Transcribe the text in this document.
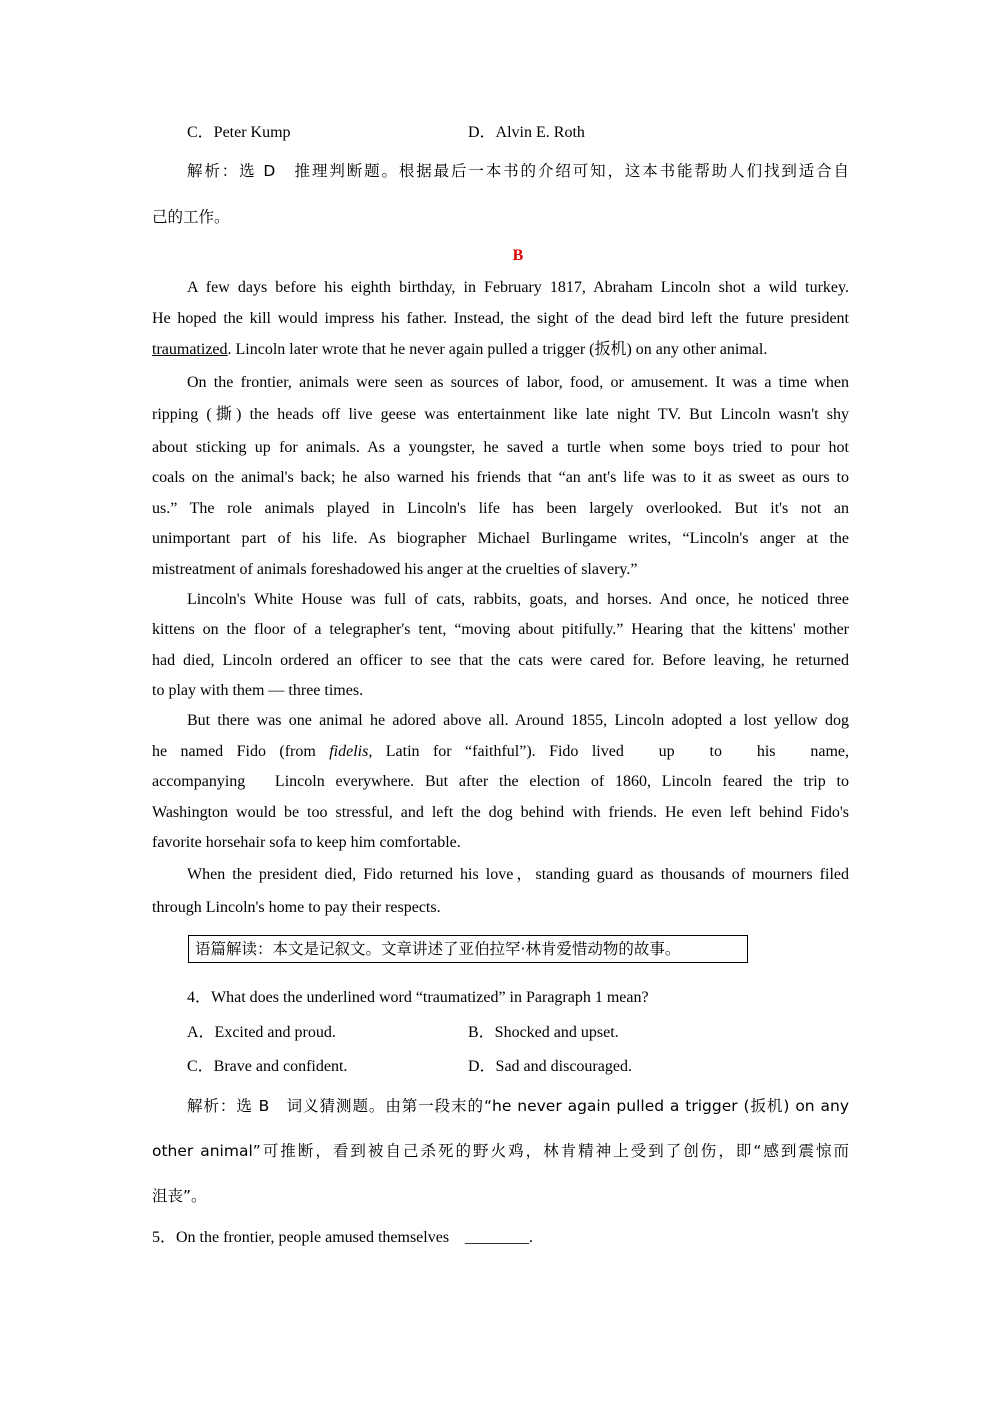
C．Peter Kump	D．Alvin E. Roth
解析：选 D　推理判断题。根据最后一本书的介绍可知，这本书能帮助人们找到适合自
己的工作。
B
A few days before his eighth birthday, in February 1817, Abraham Lincoln shot a wild turkey.
He hoped the kill would impress his father. Instead, the sight of the dead bird left the future president
traumatized. Lincoln later wrote that he never again pulled a trigger (扳机) on any other animal.
On the frontier, animals were seen as sources of labor, food, or amusement. It was a time when
ripping (撕) the heads off live geese was entertainment like late night TV. But Lincoln wasn't shy
about sticking up for animals. As a youngster, he saved a turtle when some boys tried to pour hot
coals on the animal's back; he also warned his friends that “an ant's life was to it as sweet as ours to
us.” The role animals played in Lincoln's life has been largely overlooked. But it's not an
unimportant part of his life. As biographer Michael Burlingame writes, “Lincoln's anger at the
mistreatment of animals foreshadowed his anger at the cruelties of slavery.”
Lincoln's White House was full of cats, rabbits, goats, and horses. And once, he noticed three
kittens on the floor of a telegrapher's tent, “moving about pitifully.” Hearing that the kittens' mother
had died, Lincoln ordered an officer to see that the cats were cared for. Before leaving, he returned
to play with them — three times.
But there was one animal he adored above all. Around 1855, Lincoln adopted a lost yellow dog
he named Fido (from fidelis, Latin for “faithful”). Fido lived　up　to　his　name,
accompanying　Lincoln everywhere. But after the election of 1860, Lincoln feared the trip to
Washington would be too stressful, and left the dog behind with friends. He even left behind Fido's
favorite horsehair sofa to keep him comfortable.
When the president died, Fido returned his love，standing guard as thousands of mourners filed
through Lincoln's home to pay their respects.
语篇解读：本文是记叙文。文章讲述了亚伯拉罕·林肯爱惜动物的故事。
4．What does the underlined word “traumatized” in Paragraph 1 mean?
A．Excited and proud.	B．Shocked and upset.
C．Brave and confident.	D．Sad and discouraged.
解析：选 B　词义猜测题。由第一段末的“he never again pulled a trigger (扳机) on any
other animal”可推断，看到被自己杀死的野火鸡，林肯精神上受到了创伤，即“感到震惊而
沮丧”。
5．On the frontier, people amused themselves　________.
